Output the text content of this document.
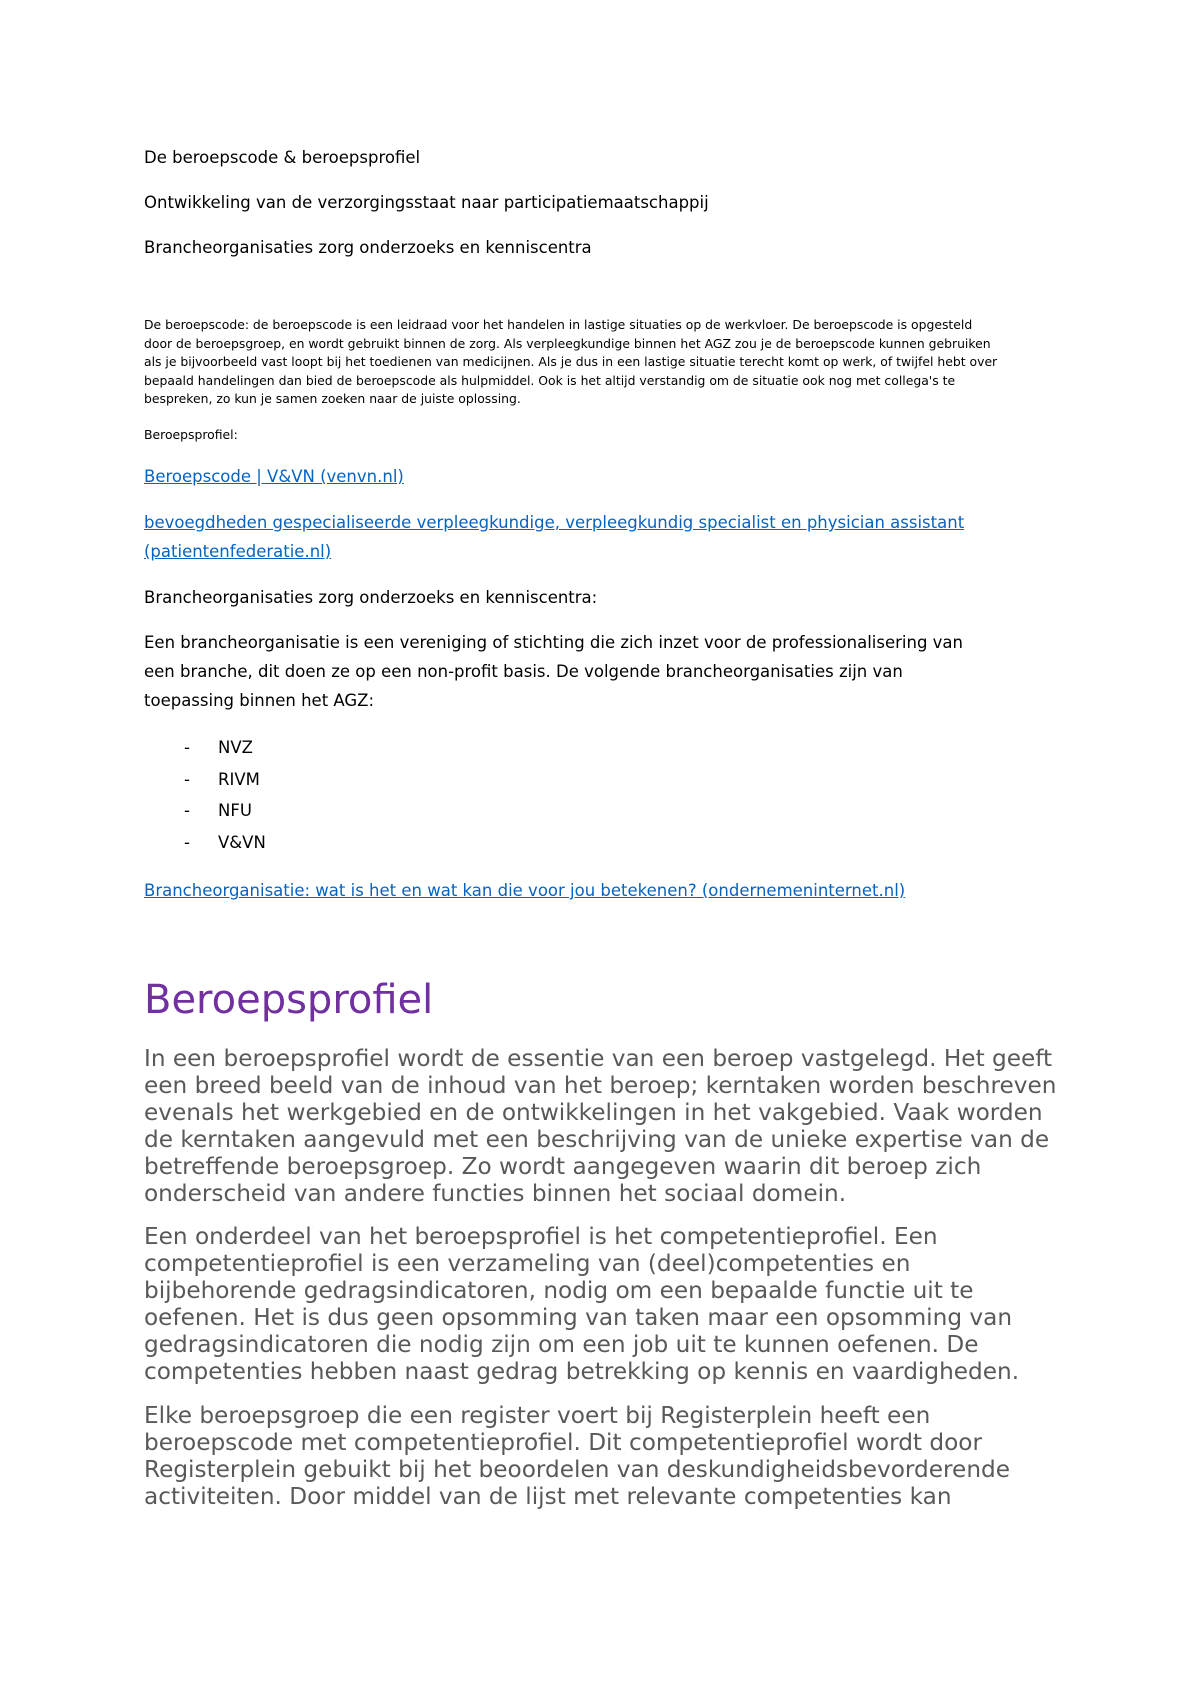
De beroepscode & beroepsprofiel
Ontwikkeling van de verzorgingsstaat naar participatiemaatschappij
Brancheorganisaties zorg onderzoeks en kenniscentra
De beroepscode: de beroepscode is een leidraad voor het handelen in lastige situaties op de werkvloer. De beroepscode is opgesteld
door de beroepsgroep, en wordt gebruikt binnen de zorg. Als verpleegkundige binnen het AGZ zou je de beroepscode kunnen gebruiken
als je bijvoorbeeld vast loopt bij het toedienen van medicijnen. Als je dus in een lastige situatie terecht komt op werk, of twijfel hebt over
bepaald handelingen dan bied de beroepscode als hulpmiddel. Ook is het altijd verstandig om de situatie ook nog met collega's te
bespreken, zo kun je samen zoeken naar de juiste oplossing.
Beroepsprofiel:
Beroepscode | V&VN (venvn.nl)
bevoegdheden gespecialiseerde verpleegkundige, verpleegkundig specialist en physician assistant
(patientenfederatie.nl)
Brancheorganisaties zorg onderzoeks en kenniscentra:
Een brancheorganisatie is een vereniging of stichting die zich inzet voor de professionalisering van
een branche, dit doen ze op een non-profit basis. De volgende brancheorganisaties zijn van
toepassing binnen het AGZ:
- NVZ
- RIVM
- NFU
- V&VN
Brancheorganisatie: wat is het en wat kan die voor jou betekenen? (ondernemeninternet.nl)
Beroepsprofiel
In een beroepsprofiel wordt de essentie van een beroep vastgelegd. Het geeft
een breed beeld van de inhoud van het beroep; kerntaken worden beschreven
evenals het werkgebied en de ontwikkelingen in het vakgebied. Vaak worden
de kerntaken aangevuld met een beschrijving van de unieke expertise van de
betreffende beroepsgroep. Zo wordt aangegeven waarin dit beroep zich
onderscheid van andere functies binnen het sociaal domein.
Een onderdeel van het beroepsprofiel is het competentieprofiel. Een
competentieprofiel is een verzameling van (deel)competenties en
bijbehorende gedragsindicatoren, nodig om een bepaalde functie uit te
oefenen. Het is dus geen opsomming van taken maar een opsomming van
gedragsindicatoren die nodig zijn om een job uit te kunnen oefenen. De
competenties hebben naast gedrag betrekking op kennis en vaardigheden.
Elke beroepsgroep die een register voert bij Registerplein heeft een
beroepscode met competentieprofiel. Dit competentieprofiel wordt door
Registerplein gebuikt bij het beoordelen van deskundigheidsbevorderende
activiteiten. Door middel van de lijst met relevante competenties kan
